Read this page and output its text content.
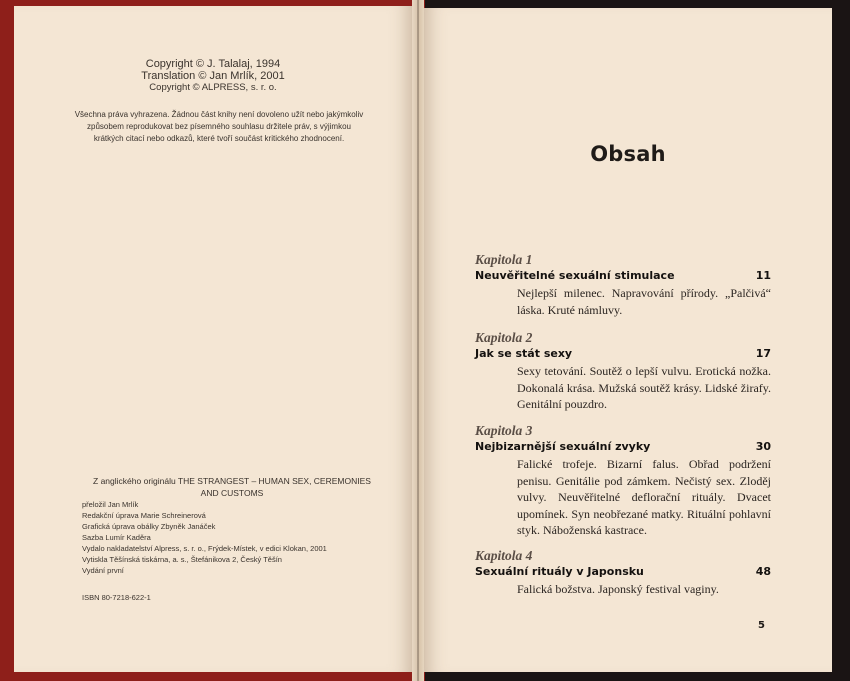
Copyright © J. Talalaj, 1994
Translation © Jan Mrlík, 2001
Copyright © ALPRESS, s. r. o.
Všechna práva vyhrazena. Žádnou část knihy není dovoleno užít nebo jakýmkoliv způsobem reprodukovat bez písemného souhlasu držitele práv, s výjimkou krátkých citací nebo odkazů, které tvoří součást kritického zhodnocení.
Z anglického originálu THE STRANGEST – HUMAN SEX, CEREMONIES
AND CUSTOMS
přeložil Jan Mrlík
Redakční úprava Marie Schreinerová
Grafická úprava obálky Zbyněk Janáček
Sazba Lumír Kaděra
Vydalo nakladatelství Alpress, s. r. o., Frýdek-Místek, v edici Klokan, 2001
Vytiskla Těšínská tiskárna, a. s., Štefánikova 2, Český Těšín
Vydání první
ISBN 80-7218-622-1
Obsah
Kapitola 1
Neuvěřitelné sexuální stimulace	11
Nejlepší milenec. Napravování přírody. „Palčivá“ láska. Kruté námluvy.
Kapitola 2
Jak se stát sexy	17
Sexy tetování. Soutěž o lepší vulvu. Erotická nožka. Dokonalá krása. Mužská soutěž krásy. Lidské žirafy. Genitální pouzdro.
Kapitola 3
Nejbizarnější sexuální zvyky	30
Falické trofeje. Bizarní falus. Obřad podržení penisu. Genitálie pod zámkem. Nečistý sex. Zloděj vulvy. Neuvěřitelné deflorační rituály. Dvacet upomínek. Syn neobřezané matky. Rituální pohlavní styk. Náboženská kastrace.
Kapitola 4
Sexuální rituály v Japonsku	48
Falická božstva. Japonský festival vaginy.
5
